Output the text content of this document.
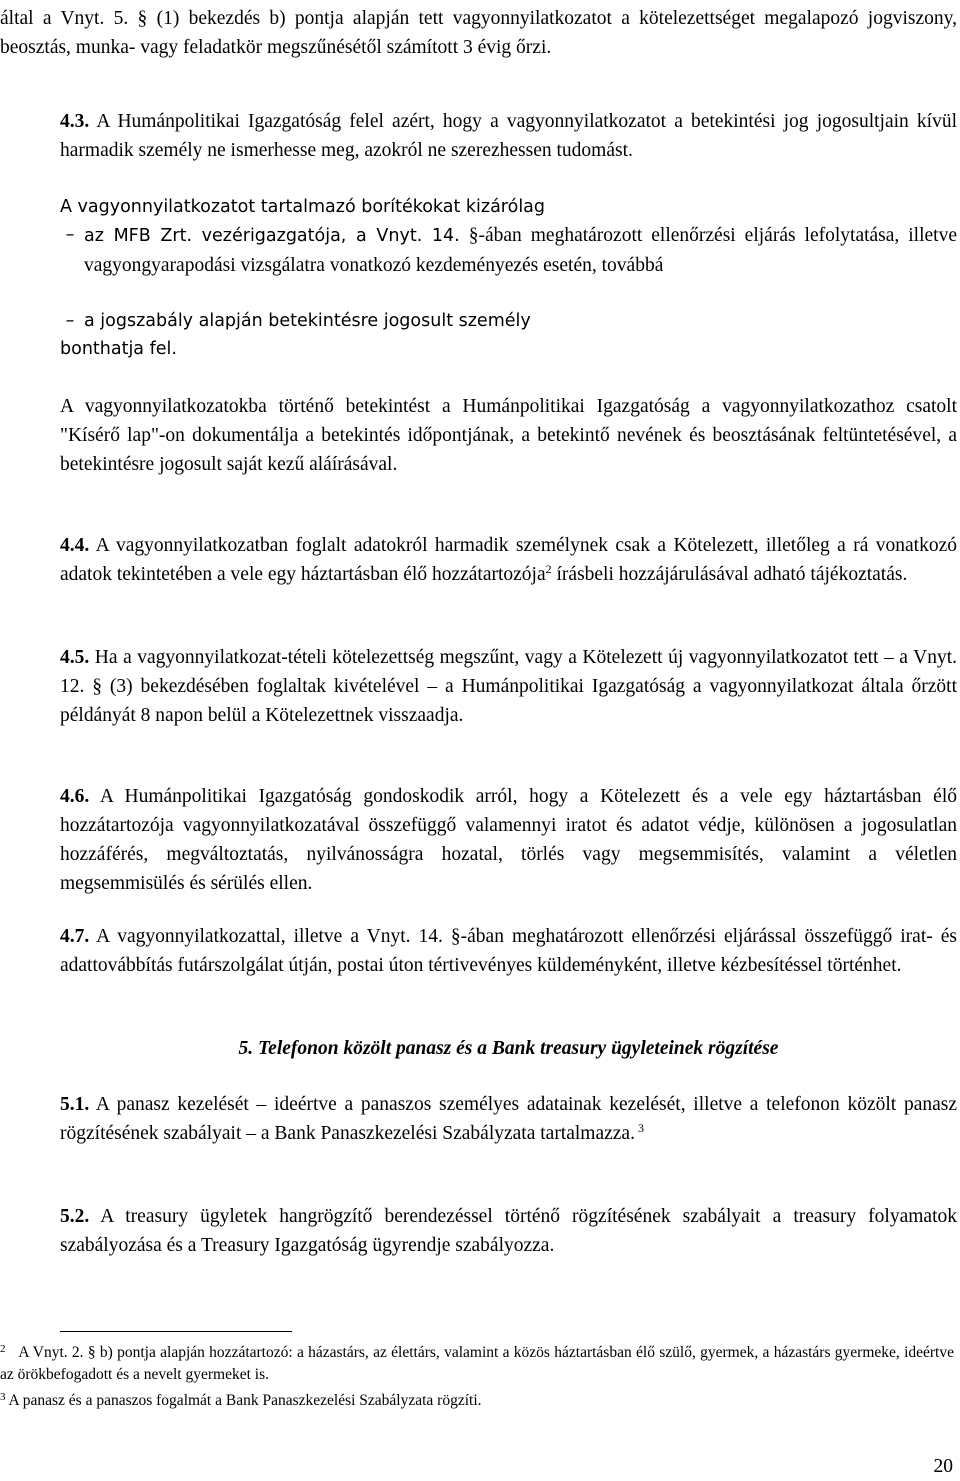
által a Vnyt. 5. § (1) bekezdés b) pontja alapján tett vagyonnyilatkozatot a kötelezettséget megalapozó jogviszony, beosztás, munka- vagy feladatkör megszűnésétől számított 3 évig őrzi.

4.3. A Humánpolitikai Igazgatóság felel azért, hogy a vagyonnyilatkozatot a betekintési jog jogosultjain kívül harmadik személy ne ismerhesse meg, azokról ne szerezhessen tudomást.

A vagyonnyilatkozatot tartalmazó borítékokat kizárólag
– az MFB Zrt. vezérigazgatója, a Vnyt. 14. §-ában meghatározott ellenőrzési eljárás lefolytatása, illetve vagyongyarapodási vizsgálatra vonatkozó kezdeményezés esetén, továbbá
– a jogszabály alapján betekintésre jogosult személy
bonthatja fel.

A vagyonnyilatkozatokba történő betekintést a Humánpolitikai Igazgatóság a vagyonnyilatkozathoz csatolt "Kísérő lap"-on dokumentálja a betekintés időpontjának, a betekintő nevének és beosztásának feltüntetésével, a betekintésre jogosult saját kezű aláírásával.

4.4. A vagyonnyilatkozatban foglalt adatokról harmadik személynek csak a Kötelezett, illetőleg a rá vonatkozó adatok tekintetében a vele egy háztartásban élő hozzátartozója$^2$ írásbeli hozzájárulásával adható tájékoztatás.

4.5. Ha a vagyonnyilatkozat-tételi kötelezettség megszűnt, vagy a Kötelezett új vagyonnyilatkozatot tett – a Vnyt. 12. § (3) bekezdésében foglaltak kivételével – a Humánpolitikai Igazgatóság a vagyonnyilatkozat általa őrzött példányát 8 napon belül a Kötelezettnek visszaadja.

4.6. A Humánpolitikai Igazgatóság gondoskodik arról, hogy a Kötelezett és a vele egy háztartásban élő hozzátartozója vagyonnyilatkozatával összefüggő valamennyi iratot és adatot védje, különösen a jogosulatlan hozzáférés, megváltoztatás, nyilvánosságra hozatal, törlés vagy megsemmisítés, valamint a véletlen megsemmisülés és sérülés ellen.

4.7. A vagyonnyilatkozattal, illetve a Vnyt. 14. §-ában meghatározott ellenőrzési eljárással összefüggő irat- és adattovábbítás futárszolgálat útján, postai úton tértivevényes küldeményként, illetve kézbesítéssel történhet.

5. Telefonon közölt panasz és a Bank treasury ügyleteinek rögzítése

5.1. A panasz kezelését – ideértve a panaszos személyes adatainak kezelését, illetve a telefonon közölt panasz rögzítésének szabályait – a Bank Panaszkezelési Szabályzata tartalmazza. $^3$

5.2. A treasury ügyletek hangrögzítő berendezéssel történő rögzítésének szabályait a treasury folyamatok szabályozása és a Treasury Igazgatóság ügyrendje szabályozza.

$^2$ A Vnyt. 2. § b) pontja alapján hozzátartozó: a házastárs, az élettárs, valamint a közös háztartásban élő szülő, gyermek, a házastárs gyermeke, ideértve az örökbefogadott és a nevelt gyermeket is.
$^3$ A panasz és a panaszos fogalmát a Bank Panaszkezelési Szabályzata rögzíti.
20
